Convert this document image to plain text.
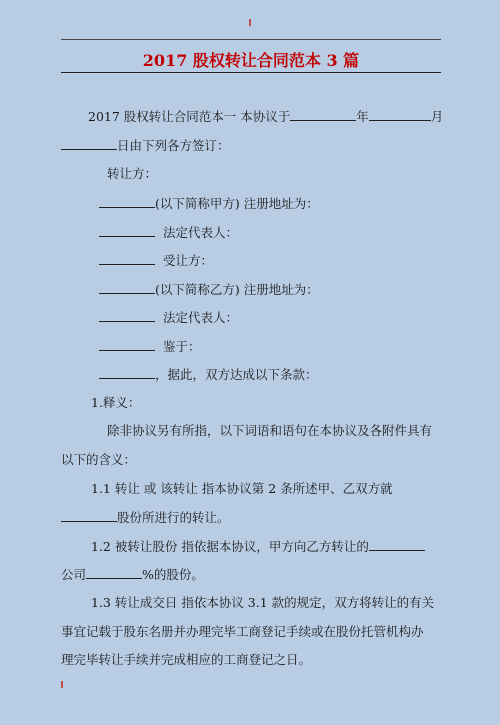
2017 股权转让合同范本 3 篇
2017 股权转让合同范本一 本协议于	年	月
日由下列各方签订：
转让方：
(以下简称甲方) 注册地址为：
法定代表人：
受让方：
(以下简称乙方) 注册地址为：
法定代表人：
鉴于：
，据此，双方达成以下条款：
1.释义：
除非协议另有所指，以下词语和语句在本协议及各附件具有
以下的含义：
1.1 转让 或 该转让 指本协议第 2 条所述甲、乙双方就
股份所进行的转让。
1.2 被转让股份 指依据本协议，甲方向乙方转让的
公司	%的股份。
1.3 转让成交日 指依本协议 3.1 款的规定，双方将转让的有关
事宜记载于股东名册并办理完毕工商登记手续或在股份托管机构办
理完毕转让手续并完成相应的工商登记之日。
